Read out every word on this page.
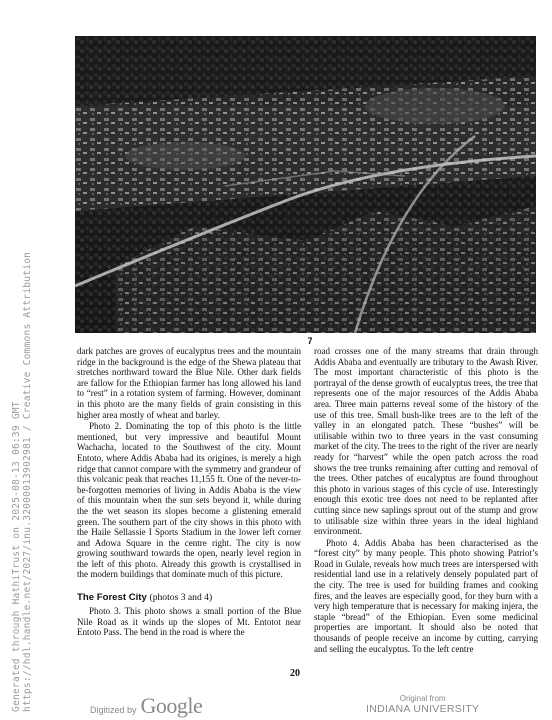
Generated through HathiTrust on 2025-08-13 06:39 GMT https://hdl.handle.net/2027/inu.32000013902981 / Creative Commons Attribution	7

dark patches are groves of eucalyptus trees and the mountain ridge in the background is the edge of the Shewa plateau that stretches northward toward the Blue Nile. Other dark fields are fallow for the Ethiopian farmer has long allowed his land to “rest” in a rotation system of farming. However, dominant in this photo are the many fields of grain consisting in this higher area mostly of wheat and barley.

Photo 2. Dominating the top of this photo is the little mentioned, but very impressive and beautiful Mount Wachacha, located to the Southwest of the city. Mount Entoto, where Addis Ababa had its origines, is merely a high ridge that cannot compare with the symmetry and grandeur of this volcanic peak that reaches 11,155 ft. One of the never-to-be-forgotten memories of living in Addis Ababa is the view of this mountain when the sun sets beyond it, while during the the wet season its slopes become a glistening emerald green. The southern part of the city shows in this photo with the Haile Sellassie I Sports Stadium in the lower left corner and Adowa Square in the centre right. The city is now growing southward towards the open, nearly level region in the left of this photo. Already this growth is crystallised in the modern buildings that dominate much of this picture.

The Forest City (photos 3 and 4)

Photo 3. This photo shows a small portion of the Blue Nile Road as it winds up the slopes of Mt. Entotot near Entoto Pass. The bend in the road is where the

road crosses one of the many streams that drain through Addis Ababa and eventually are tributary to the Awash River. The most important characteristic of this photo is the portrayal of the dense growth of eucalyptus trees, the tree that represents one of the major resources of the Addis Ababa area. Three main patterns reveal some of the history of the use of this tree. Small bush-like trees are to the left of the valley in an elongated patch. These “bushes” will be utilisable within two to three years in the vast consuming market of the city. The trees to the right of the river are nearly ready for “harvest” while the open patch across the road shows the tree trunks remaining after cutting and removal of the trees. Other patches of eucalyptus are found throughout this photo in various stages of this cycle of use. Interestingly enough this exotic tree does not need to be replanted after cutting since new saplings sprout out of the stump and grow to utilisable size within three years in the ideal highland environment.

Photo 4. Addis Ababa has been characterised as the “forest city” by many people. This photo showing Patriot’s Road in Gulale, reveals how much trees are interspersed with residential land use in a relatively densely populated part of the city. The tree is used for building frames and cooking fires, and the leaves are especially good, for they burn with a very high temperature that is necessary for making injera, the staple “bread” of the Ethiopian. Even some medicinal properties are important. It should also be noted that thousands of people receive an income by cutting, carrying and selling the eucalyptus. To the left centre

20
Digitized by Google	Original from
INDIANA UNIVERSITY
